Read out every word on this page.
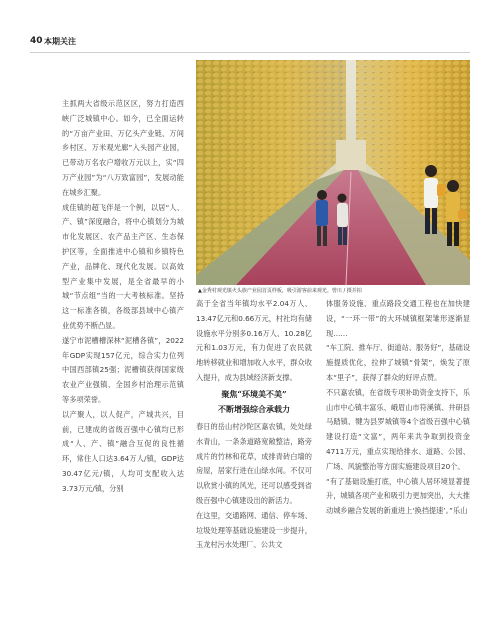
40 本期关注
▲金秀村观光镇火头族产业园首页样板，吸引游客前来观光。曾川 / 摄并拍

主抓两大省级示范区区，努力打造西峡广泛城镇中心。如今，已全面运转的“万亩产业田、万亿头产业链、万间乡村区、万米观光廊”入头园产业园，已带动万名农户增收万元以上，实“四万产业园”为“八万致富园”，发展动能在城乡汇聚。

成佳镇的超飞伴是一个例，以居“人、产、镇”深度融合，将中心镇划分为城市化发展区、农产品主产区、生态保护区等，全面推进中心镇和乡镇特色产业，品牌化、现代化发展。以高效型产业集中发展，是全省最早的小城“节点组”当的一大考核标准。坚持这一标准各镇，各级部县域中心镇产业优势不断凸显。

遂宁市泥槽槽深林“泥槽各镇”，2022年GDP实现157亿元，综合实力位列中国西部镇25强；泥槽镇获得国家级农业产业强镇、全国乡村治理示范镇等多项荣誉。

以产聚人，以人促产，产城共兴，目前，已建成的省级百强中心镇均已形成“人、产、镇”融合互促的良性循环，常住人口达3.64万人/镇，GDP达30.47亿元/镇，人均可支配收入达3.73万元/镇，分别

高于全省当年镇均水平2.04万人、13.47亿元和0.66万元，村社均有储设施水平分别多0.16万人、10.28亿元和1.03万元，有力促进了农民就地转移就业和增加收入水平，群众收入提升，成为县域经济新支撑。

聚焦“环境美不美”
不断增强综合承载力

春日的岳山村沙陀区嘉农镇，处处绿水青山，一条条道路宽敞整洁，路旁成片的竹林和花草，成排青砖白墙的房屋，居家行进在山绿水间。不仅可以欣赏小镇的风光，还可以感受到省级百强中心镇建设出的新活力。

在这里，交通路网、通信、停车场、垃圾处理等基础设施建设一步提升，玉龙村污水处理厂、公共文

体服务设施、重点路段交通工程也在加快建设，“一环一带”的大环城镇框架雏形逐渐显现……

“车工院、推车厅、街道站、服务好”，基础设施提质优化，拉伸了城镇“骨架”，焕发了原本“里子”，获得了群众的好评点赞。

不只嘉农镇，在省级专项补助资金支持下，乐山市中心镇丰富乐、峨眉山市符溪镇、井研县马踏镇、犍为县罗城镇等4个省级百强中心镇建设打造“文富”，两年来共争取到投资金4711万元，重点实现给排水、道路、公园、广场、风貌整治等方面实施建设项目20个。

“有了基础设施打底，中心镇人居环境显著提升，城镇各项产业和吸引力更加突出，大大推动城乡融合发展的新重进上‘换挡提速’。”乐山
